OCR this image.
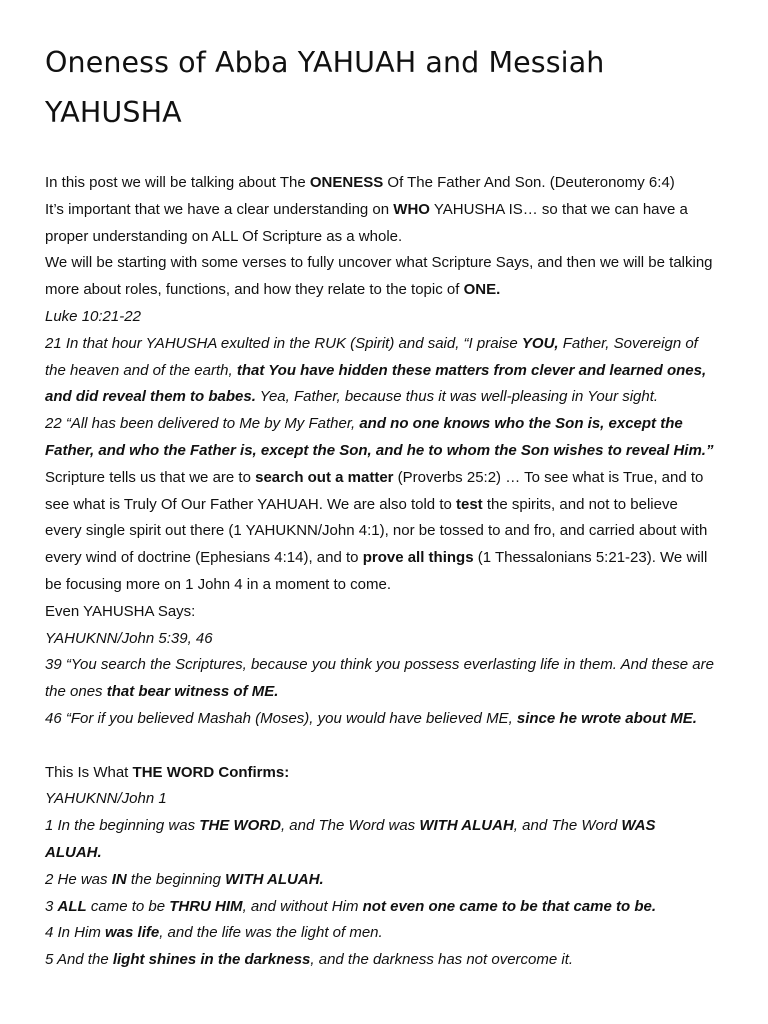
Oneness of Abba YAHUAH and Messiah
YAHUSHA
In this post we will be talking about The ONENESS Of The Father And Son. (Deuteronomy 6:4)
It’s important that we have a clear understanding on WHO YAHUSHA IS… so that we can have a
proper understanding on ALL Of Scripture as a whole.
We will be starting with some verses to fully uncover what Scripture Says, and then we will be talking
more about roles, functions, and how they relate to the topic of ONE.
Luke 10:21-22
21 In that hour YAHUSHA exulted in the RUK (Spirit) and said, “I praise YOU, Father, Sovereign of
the heaven and of the earth, that You have hidden these matters from clever and learned ones,
and did reveal them to babes. Yea, Father, because thus it was well-pleasing in Your sight.
22 “All has been delivered to Me by My Father, and no one knows who the Son is, except the
Father, and who the Father is, except the Son, and he to whom the Son wishes to reveal Him.”
Scripture tells us that we are to search out a matter (Proverbs 25:2) … To see what is True, and to
see what is Truly Of Our Father YAHUAH. We are also told to test the spirits, and not to believe
every single spirit out there (1 YAHUKNN/John 4:1), nor be tossed to and fro, and carried about with
every wind of doctrine (Ephesians 4:14), and to prove all things (1 Thessalonians 5:21-23). We will
be focusing more on 1 John 4 in a moment to come.
Even YAHUSHA Says:
YAHUKNN/John 5:39, 46
39 “You search the Scriptures, because you think you possess everlasting life in them. And these are
the ones that bear witness of ME.
46 “For if you believed Mashah (Moses), you would have believed ME, since he wrote about ME.
This Is What THE WORD Confirms:
YAHUKNN/John 1
1 In the beginning was THE WORD, and The Word was WITH ALUAH, and The Word WAS
ALUAH.
2 He was IN the beginning WITH ALUAH.
3 ALL came to be THRU HIM, and without Him not even one came to be that came to be.
4 In Him was life, and the life was the light of men.
5 And the light shines in the darkness, and the darkness has not overcome it.
